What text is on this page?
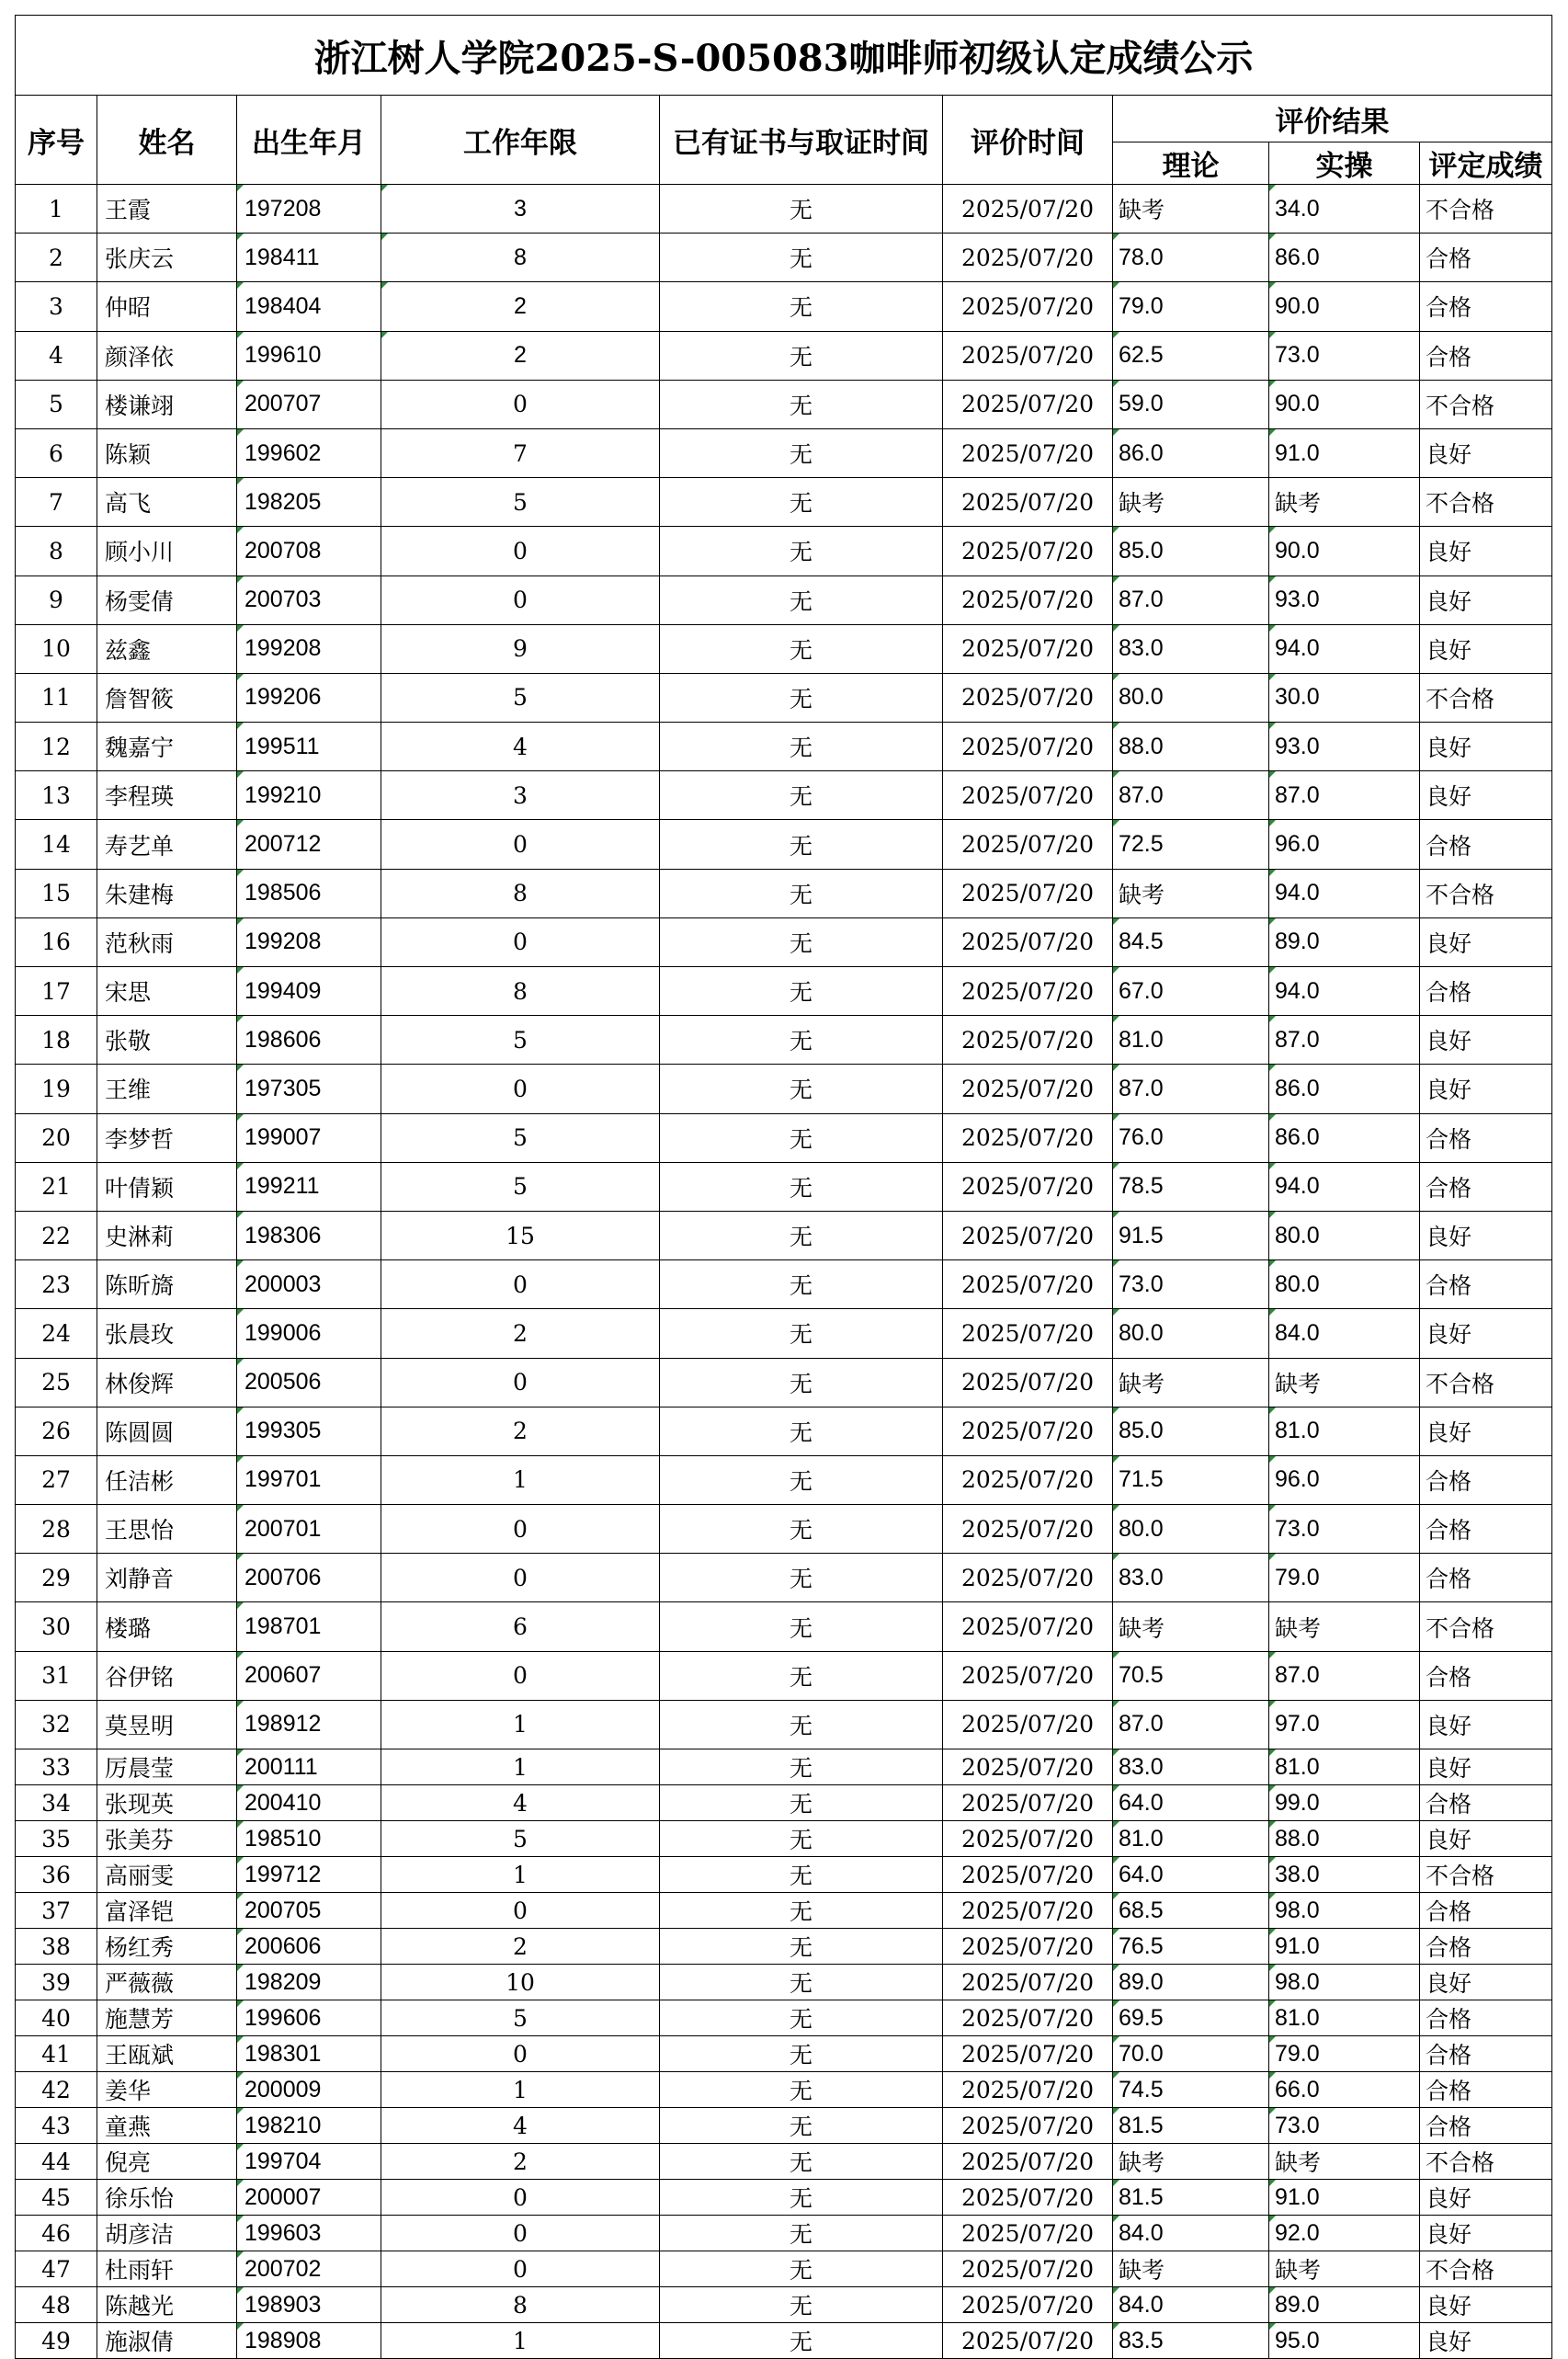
浙江树人学院2025-S-005083咖啡师初级认定成绩公示								
序号	姓名	出生年月	工作年限	已有证书与取证时间	评价时间	评价结果		
						理论	实操	评定成绩
1	王霞	197208	3	无	2025/07/20	缺考	34.0	不合格
2	张庆云	198411	8	无	2025/07/20	78.0	86.0	合格
3	仲昭	198404	2	无	2025/07/20	79.0	90.0	合格
4	颜泽依	199610	2	无	2025/07/20	62.5	73.0	合格
5	楼谦翊	200707	0	无	2025/07/20	59.0	90.0	不合格
6	陈颖	199602	7	无	2025/07/20	86.0	91.0	良好
7	高飞	198205	5	无	2025/07/20	缺考	缺考	不合格
8	顾小川	200708	0	无	2025/07/20	85.0	90.0	良好
9	杨雯倩	200703	0	无	2025/07/20	87.0	93.0	良好
10	兹鑫	199208	9	无	2025/07/20	83.0	94.0	良好
11	詹智筱	199206	5	无	2025/07/20	80.0	30.0	不合格
12	魏嘉宁	199511	4	无	2025/07/20	88.0	93.0	良好
13	李程瑛	199210	3	无	2025/07/20	87.0	87.0	良好
14	寿艺单	200712	0	无	2025/07/20	72.5	96.0	合格
15	朱建梅	198506	8	无	2025/07/20	缺考	94.0	不合格
16	范秋雨	199208	0	无	2025/07/20	84.5	89.0	良好
17	宋思	199409	8	无	2025/07/20	67.0	94.0	合格
18	张敬	198606	5	无	2025/07/20	81.0	87.0	良好
19	王维	197305	0	无	2025/07/20	87.0	86.0	良好
20	李梦哲	199007	5	无	2025/07/20	76.0	86.0	合格
21	叶倩颖	199211	5	无	2025/07/20	78.5	94.0	合格
22	史淋莉	198306	15	无	2025/07/20	91.5	80.0	良好
23	陈昕旖	200003	0	无	2025/07/20	73.0	80.0	合格
24	张晨玫	199006	2	无	2025/07/20	80.0	84.0	良好
25	林俊辉	200506	0	无	2025/07/20	缺考	缺考	不合格
26	陈圆圆	199305	2	无	2025/07/20	85.0	81.0	良好
27	任洁彬	199701	1	无	2025/07/20	71.5	96.0	合格
28	王思怡	200701	0	无	2025/07/20	80.0	73.0	合格
29	刘静音	200706	0	无	2025/07/20	83.0	79.0	合格
30	楼璐	198701	6	无	2025/07/20	缺考	缺考	不合格
31	谷伊铭	200607	0	无	2025/07/20	70.5	87.0	合格
32	莫昱明	198912	1	无	2025/07/20	87.0	97.0	良好
33	厉晨莹	200111	1	无	2025/07/20	83.0	81.0	良好
34	张现英	200410	4	无	2025/07/20	64.0	99.0	合格
35	张美芬	198510	5	无	2025/07/20	81.0	88.0	良好
36	高丽雯	199712	1	无	2025/07/20	64.0	38.0	不合格
37	富泽铠	200705	0	无	2025/07/20	68.5	98.0	合格
38	杨红秀	200606	2	无	2025/07/20	76.5	91.0	合格
39	严薇薇	198209	10	无	2025/07/20	89.0	98.0	良好
40	施慧芳	199606	5	无	2025/07/20	69.5	81.0	合格
41	王瓯斌	198301	0	无	2025/07/20	70.0	79.0	合格
42	姜华	200009	1	无	2025/07/20	74.5	66.0	合格
43	童燕	198210	4	无	2025/07/20	81.5	73.0	合格
44	倪亮	199704	2	无	2025/07/20	缺考	缺考	不合格
45	徐乐怡	200007	0	无	2025/07/20	81.5	91.0	良好
46	胡彦洁	199603	0	无	2025/07/20	84.0	92.0	良好
47	杜雨轩	200702	0	无	2025/07/20	缺考	缺考	不合格
48	陈越光	198903	8	无	2025/07/20	84.0	89.0	良好
49	施淑倩	198908	1	无	2025/07/20	83.5	95.0	良好
